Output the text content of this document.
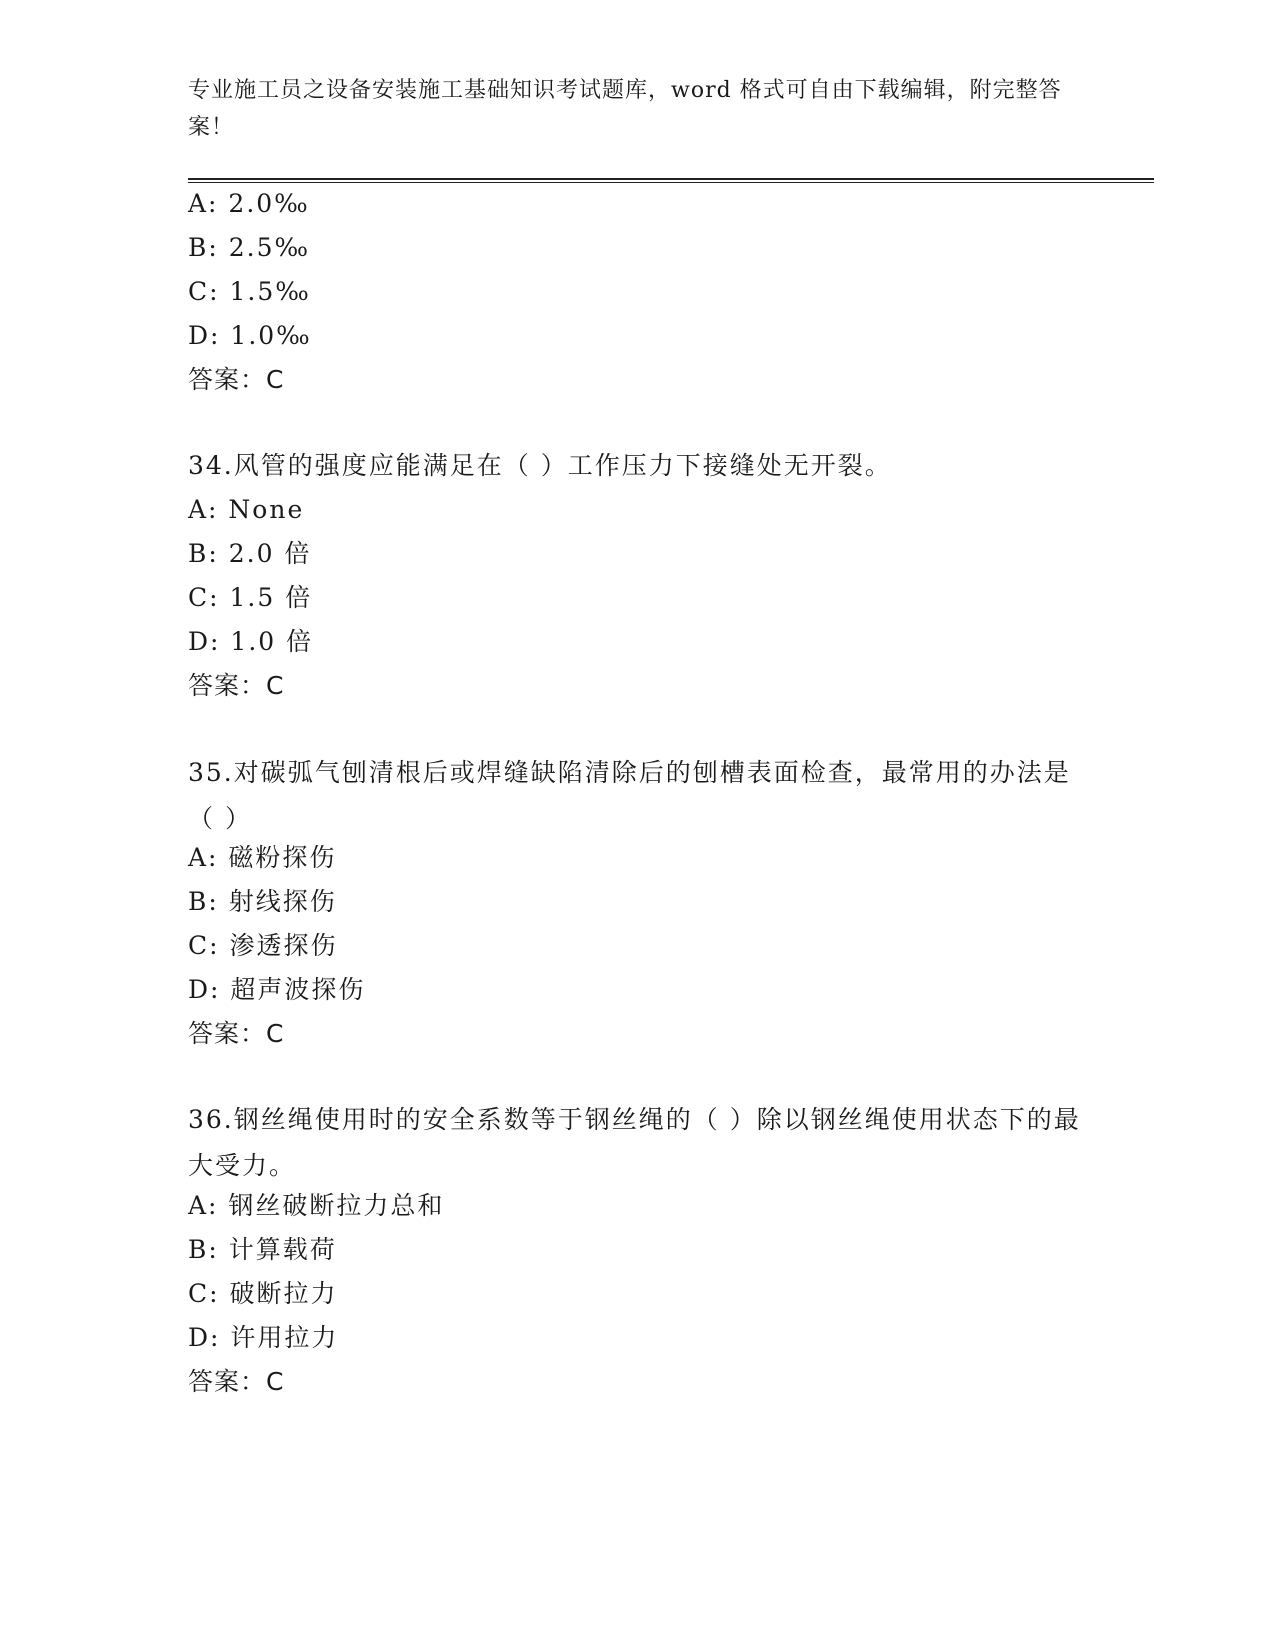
专业施工员之设备安装施工基础知识考试题库，word 格式可自由下载编辑，附完整答案！
A: 2.0‰
B: 2.5‰
C: 1.5‰
D: 1.0‰
答案：C
34.风管的强度应能满足在（ ）工作压力下接缝处无开裂。
A: None
B: 2.0 倍
C: 1.5 倍
D: 1.0 倍
答案：C
35.对碳弧气刨清根后或焊缝缺陷清除后的刨槽表面检查，最常用的办法是（ ）
A: 磁粉探伤
B: 射线探伤
C: 渗透探伤
D: 超声波探伤
答案：C
36.钢丝绳使用时的安全系数等于钢丝绳的（ ）除以钢丝绳使用状态下的最大受力。
A: 钢丝破断拉力总和
B: 计算载荷
C: 破断拉力
D: 许用拉力
答案：C
